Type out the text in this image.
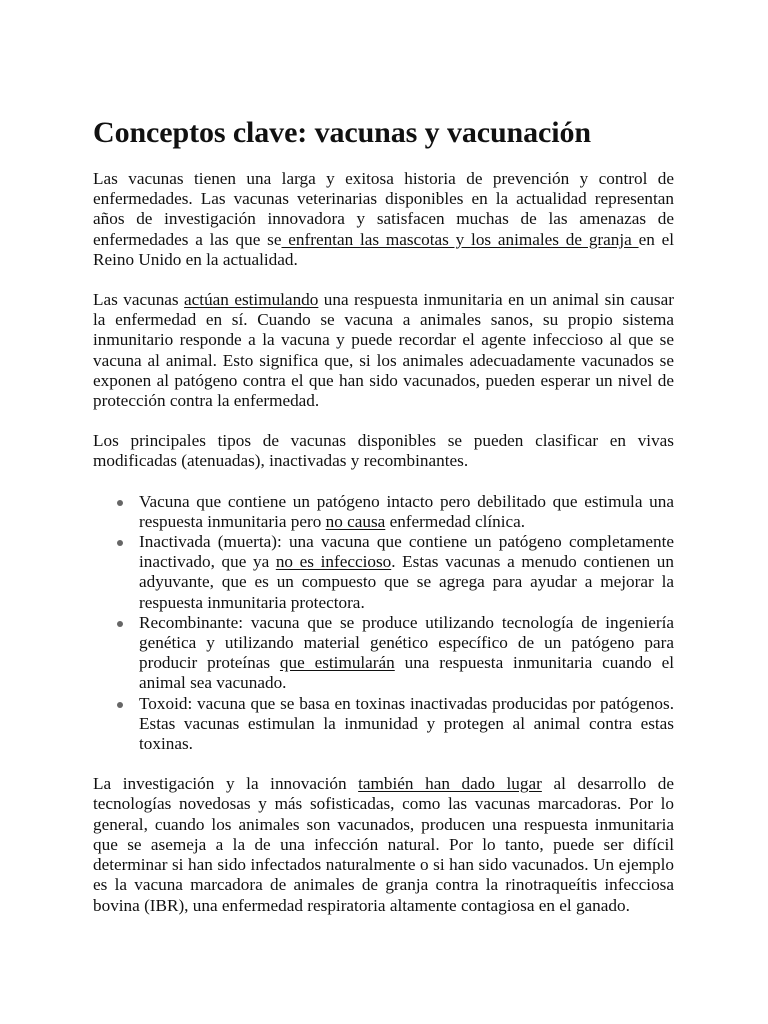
Conceptos clave: vacunas y vacunación

Las vacunas tienen una larga y exitosa historia de prevención y control de enfermedades. Las vacunas veterinarias disponibles en la actualidad representan años de investigación innovadora y satisfacen muchas de las amenazas de enfermedades a las que se enfrentan las mascotas y los animales de granja en el Reino Unido en la actualidad.

Las vacunas actúan estimulando una respuesta inmunitaria en un animal sin causar la enfermedad en sí. Cuando se vacuna a animales sanos, su propio sistema inmunitario responde a la vacuna y puede recordar el agente infeccioso al que se vacuna al animal. Esto significa que, si los animales adecuadamente vacunados se exponen al patógeno contra el que han sido vacunados, pueden esperar un nivel de protección contra la enfermedad.

Los principales tipos de vacunas disponibles se pueden clasificar en vivas modificadas (atenuadas), inactivadas y recombinantes.

Vacuna que contiene un patógeno intacto pero debilitado que estimula una respuesta inmunitaria pero no causa enfermedad clínica.
Inactivada (muerta): una vacuna que contiene un patógeno completamente inactivado, que ya no es infeccioso. Estas vacunas a menudo contienen un adyuvante, que es un compuesto que se agrega para ayudar a mejorar la respuesta inmunitaria protectora.
Recombinante: vacuna que se produce utilizando tecnología de ingeniería genética y utilizando material genético específico de un patógeno para producir proteínas que estimularán una respuesta inmunitaria cuando el animal sea vacunado.
Toxoid: vacuna que se basa en toxinas inactivadas producidas por patógenos. Estas vacunas estimulan la inmunidad y protegen al animal contra estas toxinas.

La investigación y la innovación también han dado lugar al desarrollo de tecnologías novedosas y más sofisticadas, como las vacunas marcadoras. Por lo general, cuando los animales son vacunados, producen una respuesta inmunitaria que se asemeja a la de una infección natural. Por lo tanto, puede ser difícil determinar si han sido infectados naturalmente o si han sido vacunados. Un ejemplo es la vacuna marcadora de animales de granja contra la rinotraqueítis infecciosa bovina (IBR), una enfermedad respiratoria altamente contagiosa en el ganado.
